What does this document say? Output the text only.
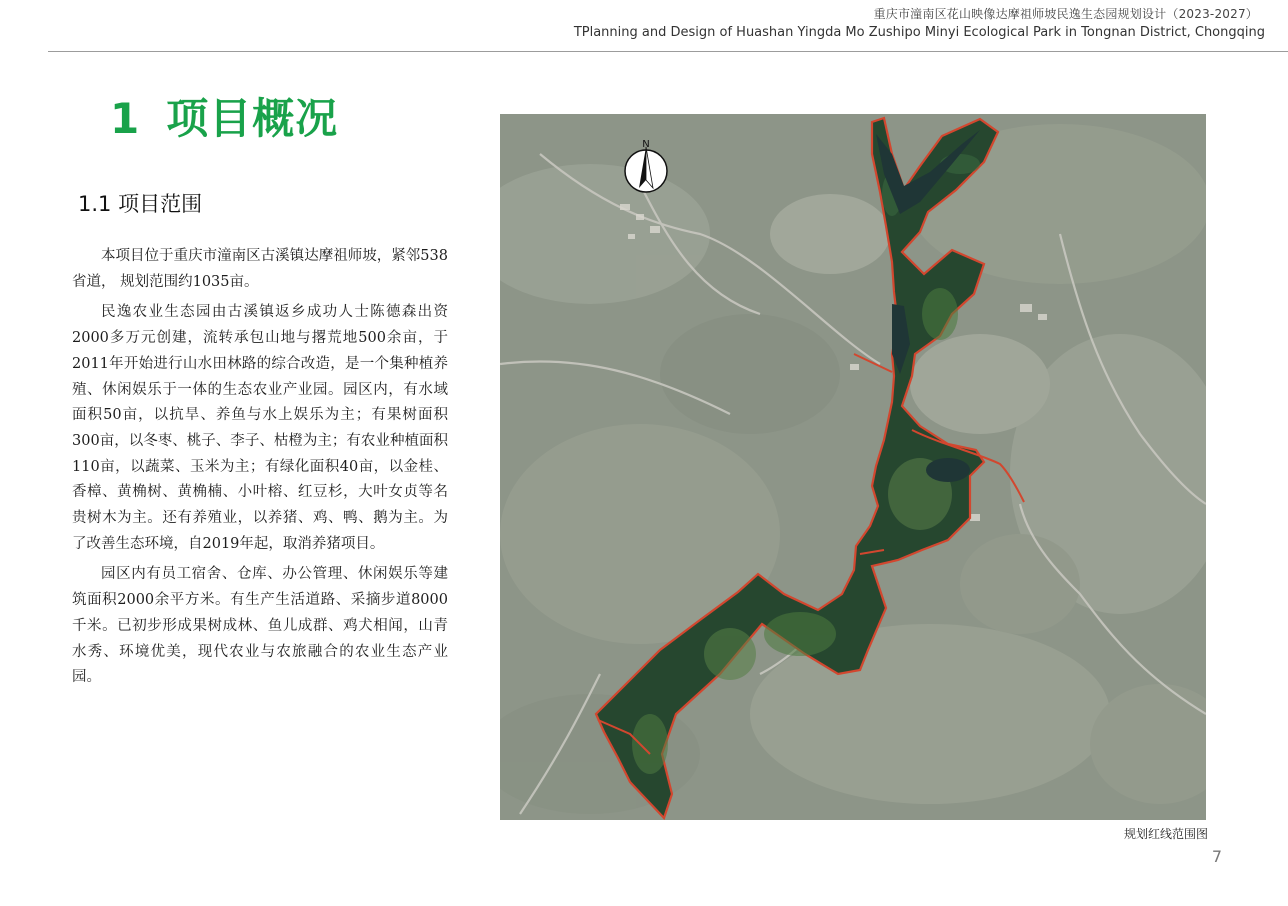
重庆市潼南区花山映像达摩祖师坡民逸生态园规划设计（2023-2027）
TPlanning and Design of Huashan Yingda Mo Zushipo Minyi Ecological Park in Tongnan District, Chongqing
1 项目概况
1.1 项目范围

本项目位于重庆市潼南区古溪镇达摩祖师坡，紧邻538省道， 规划范围约1035亩。

民逸农业生态园由古溪镇返乡成功人士陈德森出资2000多万元创建，流转承包山地与撂荒地500余亩，于2011年开始进行山水田林路的综合改造，是一个集种植养殖、休闲娱乐于一体的生态农业产业园。园区内，有水域面积50亩，以抗旱、养鱼与水上娱乐为主；有果树面积300亩，以冬枣、桃子、李子、枯橙为主；有农业种植面积110亩，以蔬菜、玉米为主；有绿化面积40亩，以金桂、香樟、黄桷树、黄桷楠、小叶榕、红豆杉，大叶女贞等名贵树木为主。还有养殖业，以养猪、鸡、鸭、鹅为主。为了改善生态环境，自2019年起，取消养猪项目。

园区内有员工宿舍、仓库、办公管理、休闲娱乐等建筑面积2000余平方米。有生产生活道路、采摘步道8000千米。已初步形成果树成林、鱼儿成群、鸡犬相闻，山青水秀、环境优美，现代农业与农旅融合的农业生态产业园。

N
规划红线范围图
7
